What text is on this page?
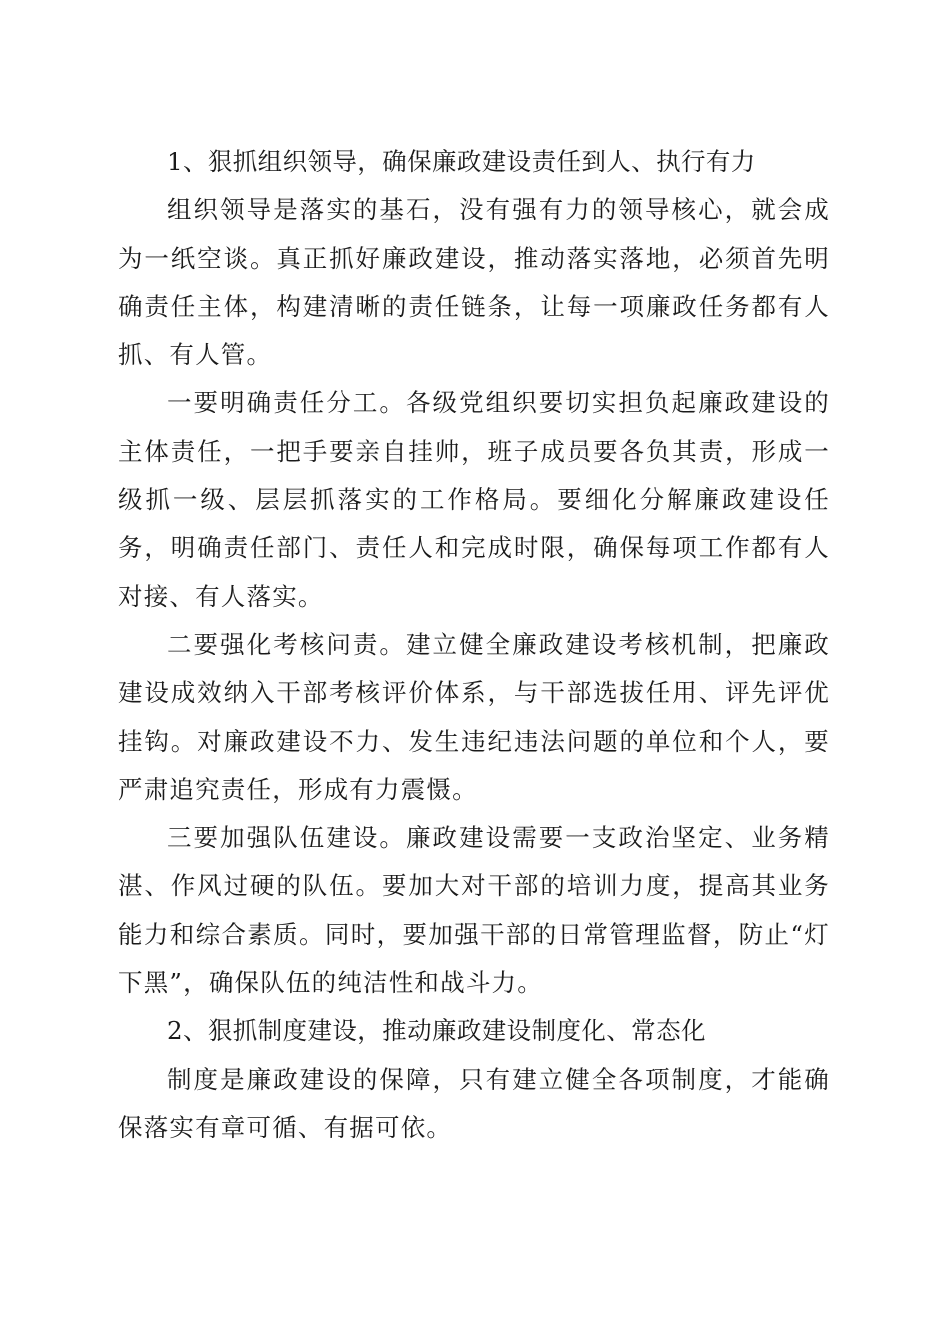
1、狠抓组织领导，确保廉政建设责任到人、执行有力

组织领导是落实的基石，没有强有力的领导核心，就会成为一纸空谈。真正抓好廉政建设，推动落实落地，必须首先明确责任主体，构建清晰的责任链条，让每一项廉政任务都有人抓、有人管。

一要明确责任分工。各级党组织要切实担负起廉政建设的主体责任，一把手要亲自挂帅，班子成员要各负其责，形成一级抓一级、层层抓落实的工作格局。要细化分解廉政建设任务，明确责任部门、责任人和完成时限，确保每项工作都有人对接、有人落实。

二要强化考核问责。建立健全廉政建设考核机制，把廉政建设成效纳入干部考核评价体系，与干部选拔任用、评先评优挂钩。对廉政建设不力、发生违纪违法问题的单位和个人，要严肃追究责任，形成有力震慑。

三要加强队伍建设。廉政建设需要一支政治坚定、业务精湛、作风过硬的队伍。要加大对干部的培训力度，提高其业务能力和综合素质。同时，要加强干部的日常管理监督，防止“灯下黑”，确保队伍的纯洁性和战斗力。

2、狠抓制度建设，推动廉政建设制度化、常态化

制度是廉政建设的保障，只有建立健全各项制度，才能确保落实有章可循、有据可依。
